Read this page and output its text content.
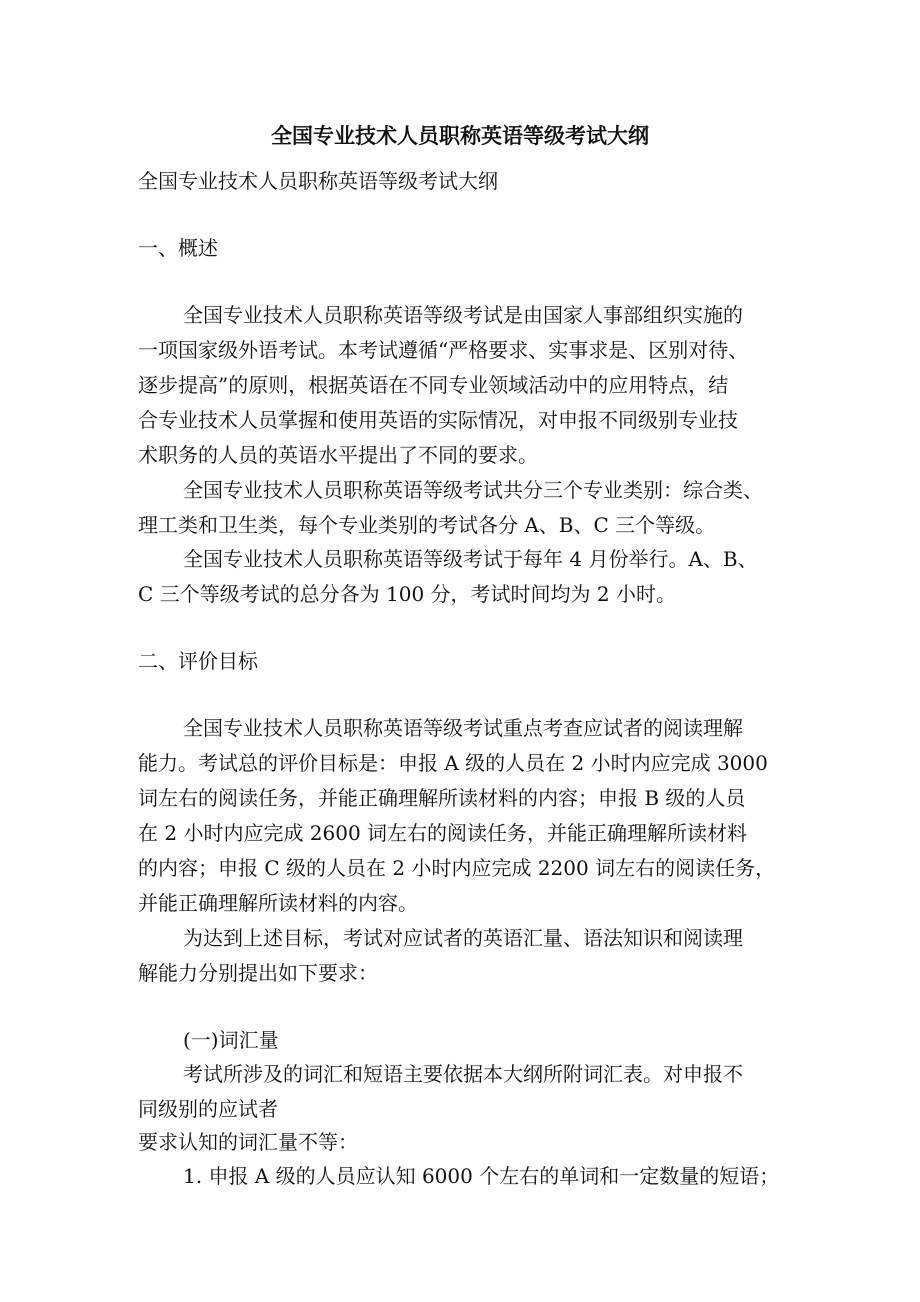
全国专业技术人员职称英语等级考试大纲
全国专业技术人员职称英语等级考试大纲
一、概述
全国专业技术人员职称英语等级考试是由国家人事部组织实施的
一项国家级外语考试。本考试遵循“严格要求、实事求是、区别对待、
逐步提高”的原则，根据英语在不同专业领域活动中的应用特点，结
合专业技术人员掌握和使用英语的实际情况，对申报不同级别专业技
术职务的人员的英语水平提出了不同的要求。
全国专业技术人员职称英语等级考试共分三个专业类别：综合类、
理工类和卫生类，每个专业类别的考试各分 A、B、C 三个等级。
全国专业技术人员职称英语等级考试于每年 4 月份举行。A、B、
C 三个等级考试的总分各为 100 分，考试时间均为 2 小时。
二、评价目标
全国专业技术人员职称英语等级考试重点考查应试者的阅读理解
能力。考试总的评价目标是：申报 A 级的人员在 2 小时内应完成 3000
词左右的阅读任务，并能正确理解所读材料的内容；申报 B 级的人员
在 2 小时内应完成 2600 词左右的阅读任务，并能正确理解所读材料
的内容；申报 C 级的人员在 2 小时内应完成 2200 词左右的阅读任务，
并能正确理解所读材料的内容。
为达到上述目标，考试对应试者的英语汇量、语法知识和阅读理
解能力分别提出如下要求：
(一)词汇量
考试所涉及的词汇和短语主要依据本大纲所附词汇表。对申报不
同级别的应试者
要求认知的词汇量不等：
1. 申报 A 级的人员应认知 6000 个左右的单词和一定数量的短语；
